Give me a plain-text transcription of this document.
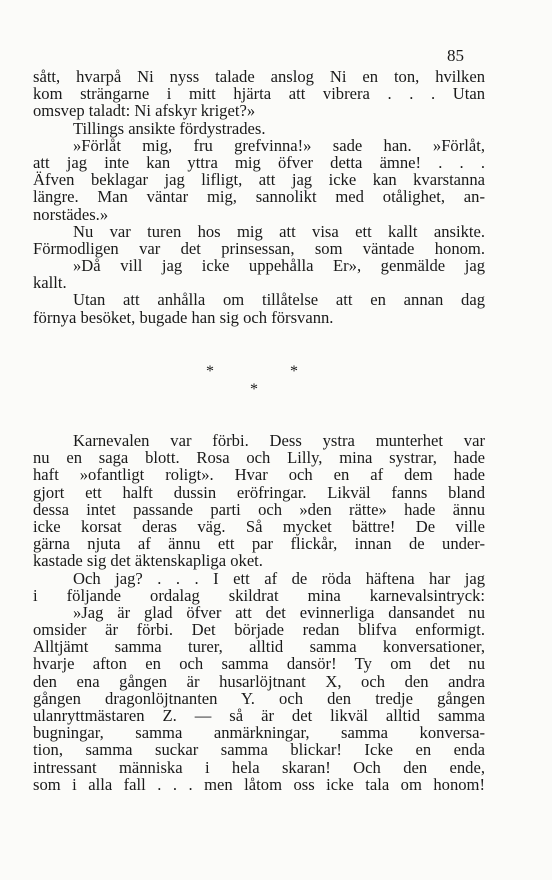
85
sått, hvarpå Ni nyss talade anslog Ni en ton, hvilken
kom strängarne i mitt hjärta att vibrera . . . Utan
omsvep taladt: Ni afskyr kriget?»
Tillings ansikte fördystrades.
»Förlåt mig, fru grefvinna!» sade han. »Förlåt,
att jag inte kan yttra mig öfver detta ämne! . . .
Äfven beklagar jag lifligt, att jag icke kan kvarstanna
längre. Man väntar mig, sannolikt med otålighet, an-
norstädes.»
Nu var turen hos mig att visa ett kallt ansikte.
Förmodligen var det prinsessan, som väntade honom.
»Då vill jag icke uppehålla Er», genmälde jag
kallt.
Utan att anhålla om tillåtelse att en annan dag
förnya besöket, bugade han sig och försvann.
*	*
*
Karnevalen var förbi. Dess ystra munterhet var
nu en saga blott. Rosa och Lilly, mina systrar, hade
haft »ofantligt roligt». Hvar och en af dem hade
gjort ett halft dussin eröfringar. Likväl fanns bland
dessa intet passande parti och »den rätte» hade ännu
icke korsat deras väg. Så mycket bättre! De ville
gärna njuta af ännu ett par flickår, innan de under-
kastade sig det äktenskapliga oket.
Och jag? . . . I ett af de röda häftena har jag
i följande ordalag skildrat mina karnevalsintryck:
»Jag är glad öfver att det evinnerliga dansandet nu
omsider är förbi. Det började redan blifva enformigt.
Alltjämt samma turer, alltid samma konversationer,
hvarje afton en och samma dansör! Ty om det nu
den ena gången är husarlöjtnant X, och den andra
gången dragonlöjtnanten Y. och den tredje gången
ulanryttmästaren Z. — så är det likväl alltid samma
bugningar, samma anmärkningar, samma konversa-
tion, samma suckar samma blickar! Icke en enda
intressant människa i hela skaran! Och den ende,
som i alla fall . . . men låtom oss icke tala om honom!
